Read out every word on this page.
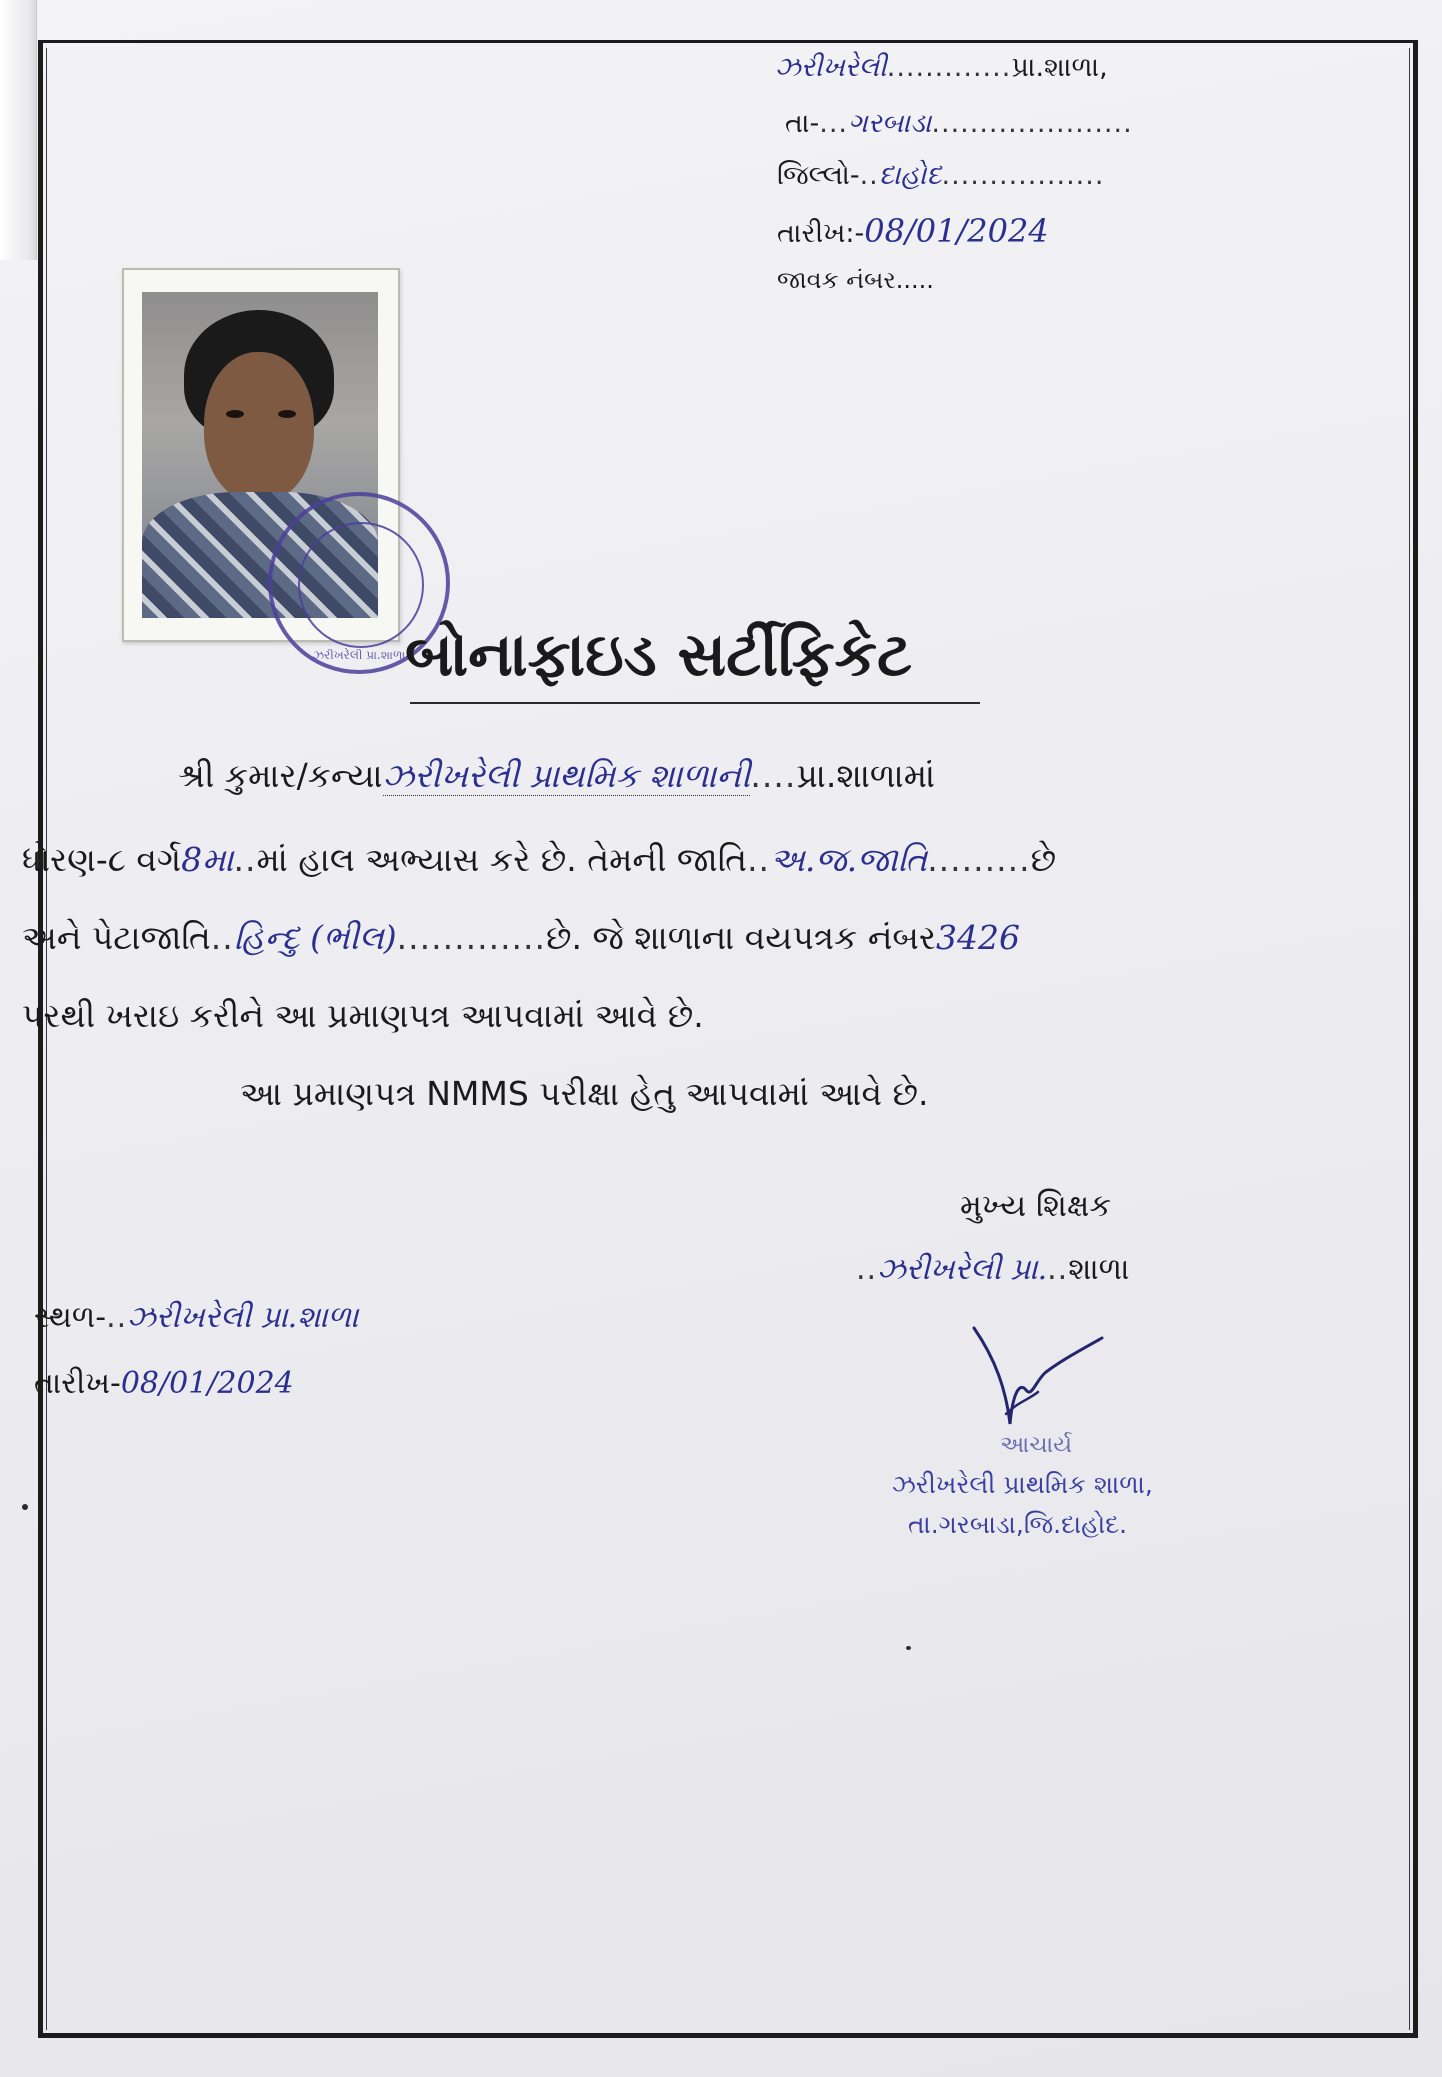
ઝરીખરેલી.............પ્રા.શાળા,
તા-...ગરબાડા.....................
જિલ્લો-..દાહોદ.................
તારીખ:-08/01/2024
જાવક નંબર.....
ઝરીખરેલી પ્રા.શાળા બોનાફાઇડ સર્ટીફિકેટ
શ્રી કુમાર/કન્યાઝરીખરેલી પ્રાથમિક શાળાની....પ્રા.શાળામાં
ધોરણ-૮ વર્ગ8મા..માં હાલ અભ્યાસ કરે છે. તેમની જાતિ..અ.જ.જાતિ.........છે
અને પેટાજાતિ..હિન્દુ (ભીલ).............છે. જે શાળાના વયપત્રક નંબર3426
પરથી ખરાઇ કરીને આ પ્રમાણપત્ર આપવામાં આવે છે.
આ પ્રમાણપત્ર NMMS પરીક્ષા હેતુ આપવામાં આવે છે.
મુખ્ય શિક્ષક
..ઝરીખરેલી પ્રા...શાળા
સ્થળ-..ઝરીખરેલી પ્રા.શાળા
તારીખ-08/01/2024
આચાર્ય
ઝરીખરેલી પ્રાથમિક શાળા,
તા.ગરબાડા,જિ.દાહોદ.
